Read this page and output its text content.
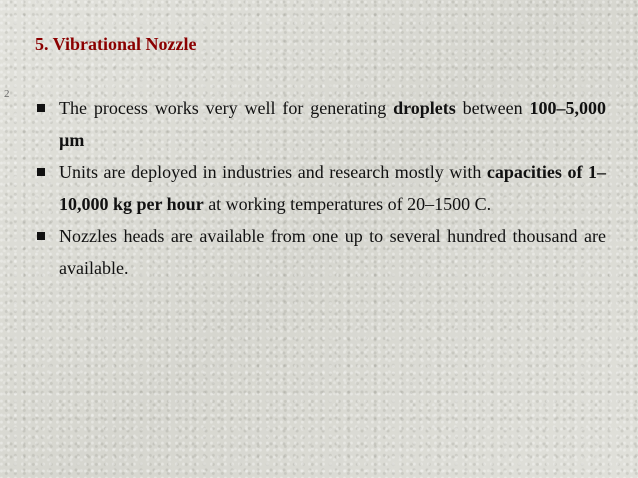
5. Vibrational Nozzle
2
The process works very well for generating droplets between 100–5,000 µm
Units are deployed in industries and research mostly with capacities of 1–10,000 kg per hour at working temperatures of 20–1500 C.
Nozzles heads are available from one up to several hundred thousand are available.
